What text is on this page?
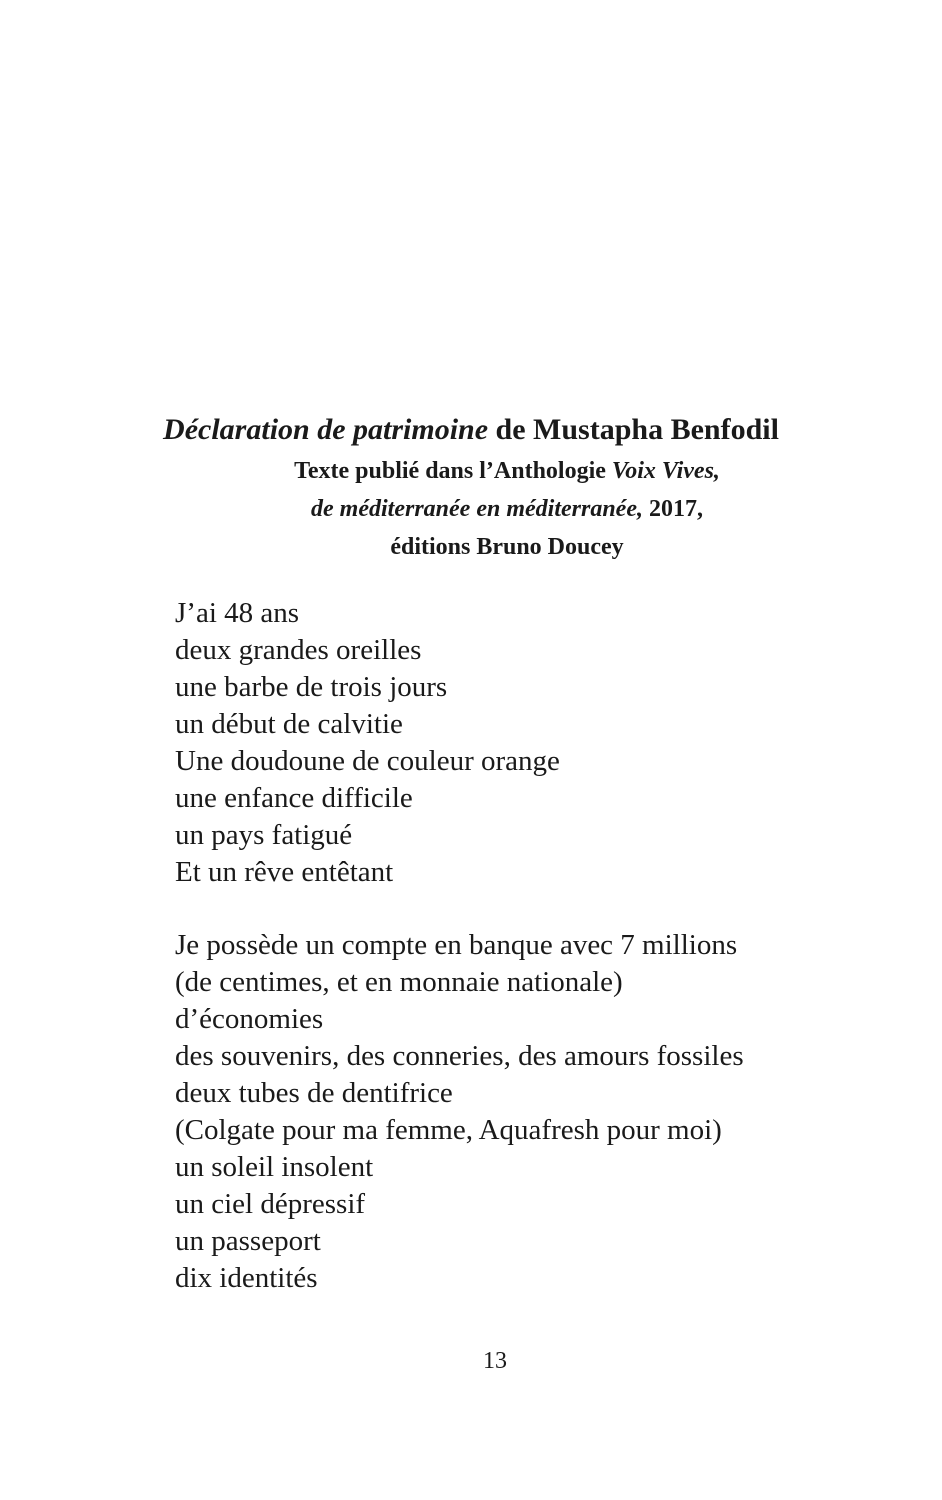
Déclaration de patrimoine de Mustapha Benfodil
Texte publié dans l’Anthologie Voix Vives,
de méditerranée en méditerranée, 2017,
éditions Bruno Doucey
J’ai 48 ans
deux grandes oreilles
une barbe de trois jours
un début de calvitie
Une doudoune de couleur orange
une enfance difficile
un pays fatigué
Et un rêve entêtant
Je possède un compte en banque avec 7 millions
(de centimes, et en monnaie nationale)
d’économies
des souvenirs, des conneries, des amours fossiles
deux tubes de dentifrice
(Colgate pour ma femme, Aquafresh pour moi)
un soleil insolent
un ciel dépressif
un passeport
dix identités
13
